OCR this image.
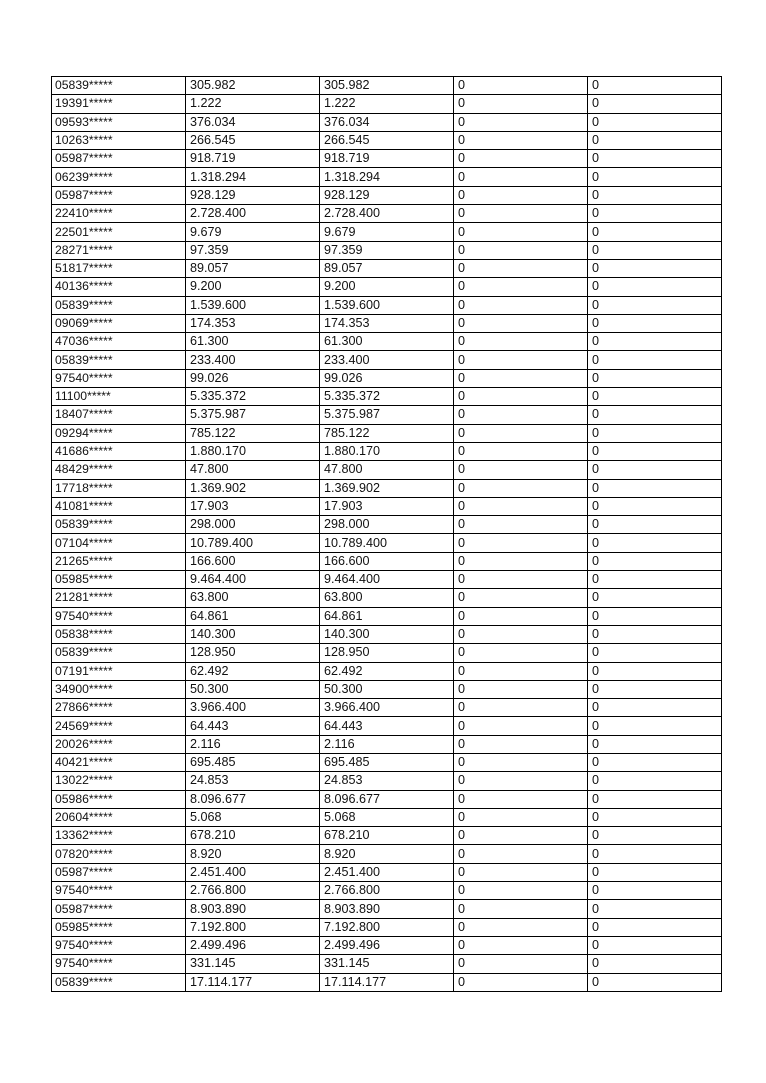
05839*****	305.982	305.982	0	0
19391*****	1.222	1.222	0	0
09593*****	376.034	376.034	0	0
10263*****	266.545	266.545	0	0
05987*****	918.719	918.719	0	0
06239*****	1.318.294	1.318.294	0	0
05987*****	928.129	928.129	0	0
22410*****	2.728.400	2.728.400	0	0
22501*****	9.679	9.679	0	0
28271*****	97.359	97.359	0	0
51817*****	89.057	89.057	0	0
40136*****	9.200	9.200	0	0
05839*****	1.539.600	1.539.600	0	0
09069*****	174.353	174.353	0	0
47036*****	61.300	61.300	0	0
05839*****	233.400	233.400	0	0
97540*****	99.026	99.026	0	0
11100*****	5.335.372	5.335.372	0	0
18407*****	5.375.987	5.375.987	0	0
09294*****	785.122	785.122	0	0
41686*****	1.880.170	1.880.170	0	0
48429*****	47.800	47.800	0	0
17718*****	1.369.902	1.369.902	0	0
41081*****	17.903	17.903	0	0
05839*****	298.000	298.000	0	0
07104*****	10.789.400	10.789.400	0	0
21265*****	166.600	166.600	0	0
05985*****	9.464.400	9.464.400	0	0
21281*****	63.800	63.800	0	0
97540*****	64.861	64.861	0	0
05838*****	140.300	140.300	0	0
05839*****	128.950	128.950	0	0
07191*****	62.492	62.492	0	0
34900*****	50.300	50.300	0	0
27866*****	3.966.400	3.966.400	0	0
24569*****	64.443	64.443	0	0
20026*****	2.116	2.116	0	0
40421*****	695.485	695.485	0	0
13022*****	24.853	24.853	0	0
05986*****	8.096.677	8.096.677	0	0
20604*****	5.068	5.068	0	0
13362*****	678.210	678.210	0	0
07820*****	8.920	8.920	0	0
05987*****	2.451.400	2.451.400	0	0
97540*****	2.766.800	2.766.800	0	0
05987*****	8.903.890	8.903.890	0	0
05985*****	7.192.800	7.192.800	0	0
97540*****	2.499.496	2.499.496	0	0
97540*****	331.145	331.145	0	0
05839*****	17.114.177	17.114.177	0	0
